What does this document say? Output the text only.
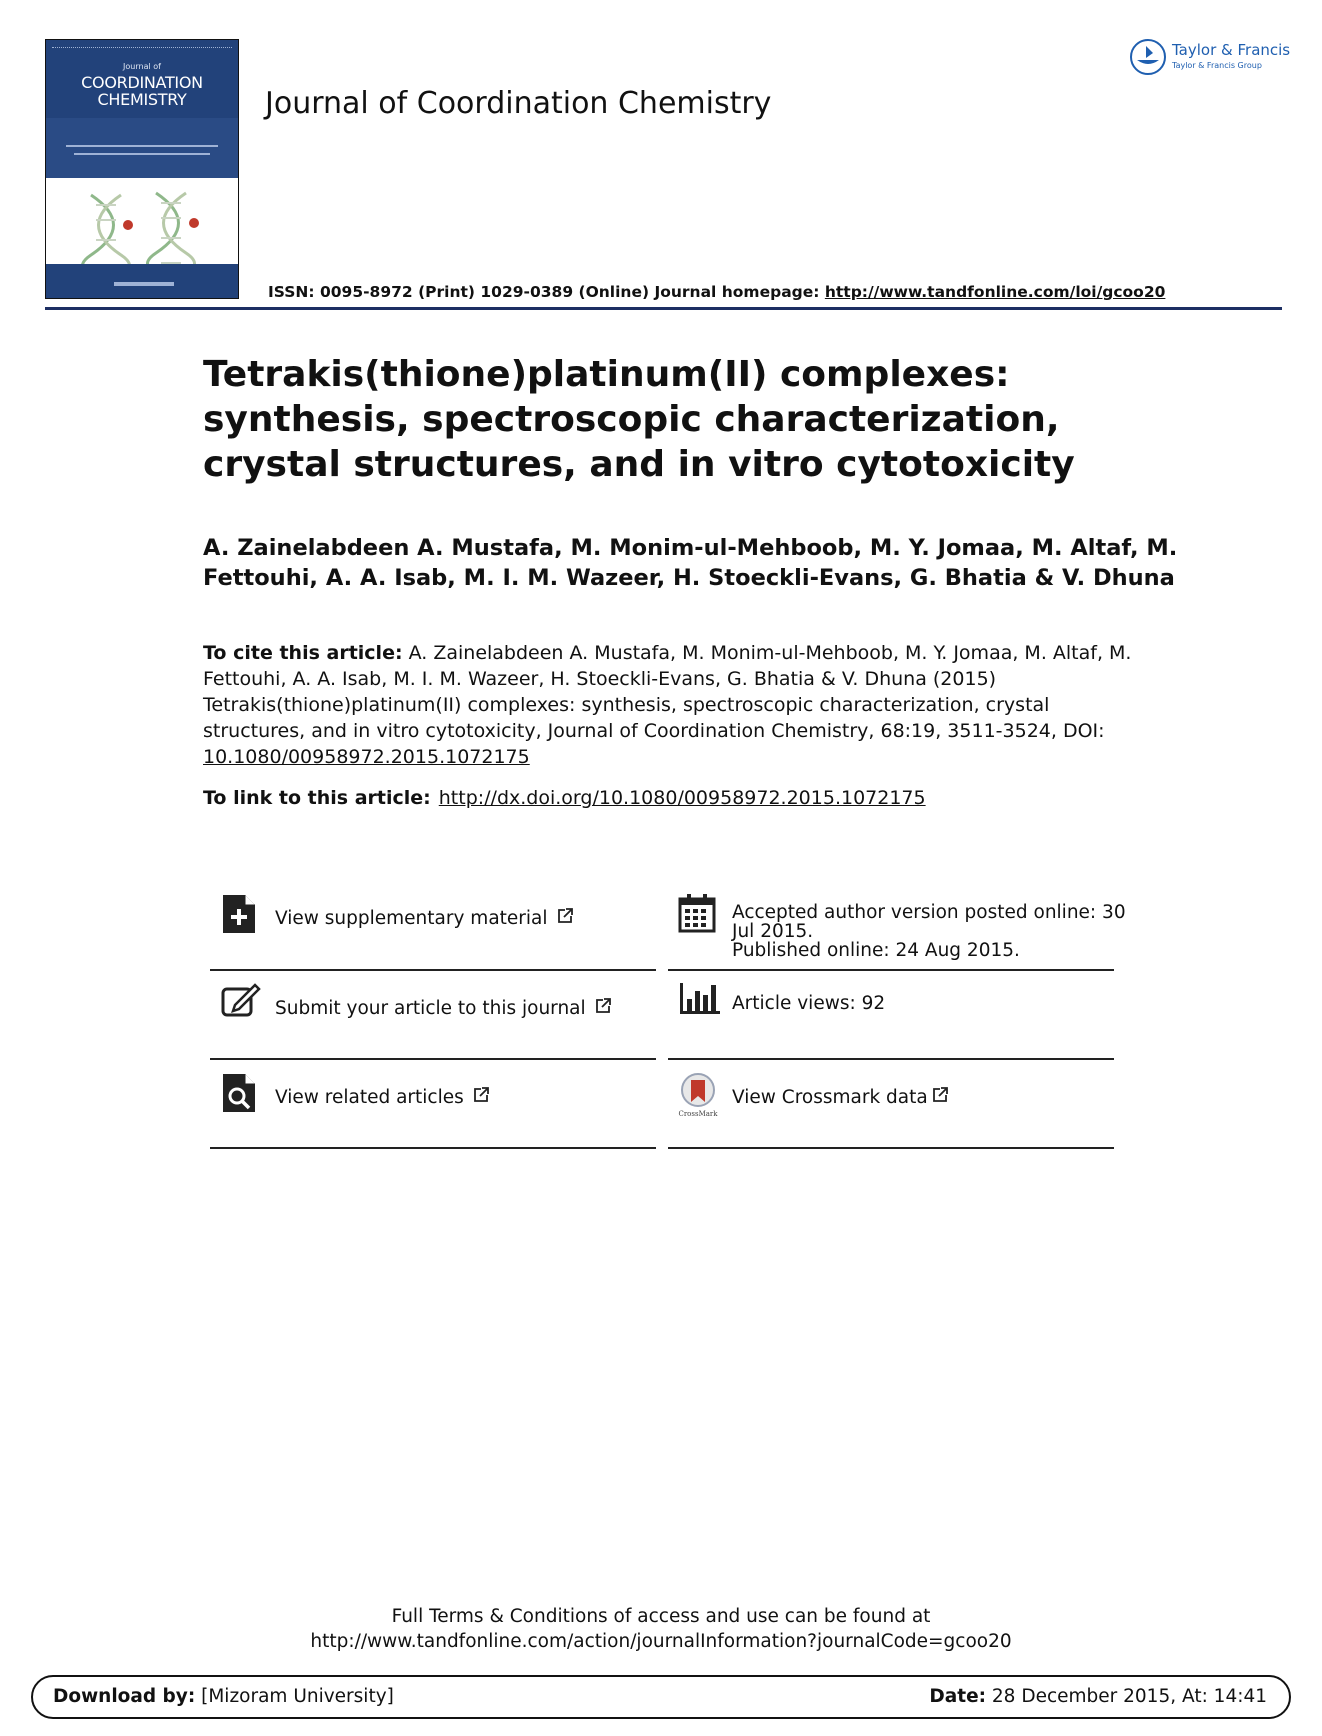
Journal of
COORDINATION
CHEMISTRY	Journal of Coordination Chemistry
Taylor & Francis
Taylor & Francis Group
ISSN: 0095-8972 (Print) 1029-0389 (Online) Journal homepage: http://www.tandfonline.com/loi/gcoo20
Tetrakis(thione)platinum(II) complexes: synthesis, spectroscopic characterization, crystal structures, and in vitro cytotoxicity
A. Zainelabdeen A. Mustafa, M. Monim-ul-Mehboob, M. Y. Jomaa, M. Altaf, M. Fettouhi, A. A. Isab, M. I. M. Wazeer, H. Stoeckli-Evans, G. Bhatia & V. Dhuna
To cite this article: A. Zainelabdeen A. Mustafa, M. Monim-ul-Mehboob, M. Y. Jomaa, M. Altaf, M. Fettouhi, A. A. Isab, M. I. M. Wazeer, H. Stoeckli-Evans, G. Bhatia & V. Dhuna (2015) Tetrakis(thione)platinum(II) complexes: synthesis, spectroscopic characterization, crystal structures, and in vitro cytotoxicity, Journal of Coordination Chemistry, 68:19, 3511-3524, DOI: 10.1080/00958972.2015.1072175
To link to this article: http://dx.doi.org/10.1080/00958972.2015.1072175
View supplementary material
Submit your article to this journal
View related articles
Accepted author version posted online: 30
Jul 2015.
Published online: 24 Aug 2015.
Article views: 92
CrossMark
View Crossmark data
Full Terms & Conditions of access and use can be found at
http://www.tandfonline.com/action/journalInformation?journalCode=gcoo20
Download by: [Mizoram University]	Date: 28 December 2015, At: 14:41
